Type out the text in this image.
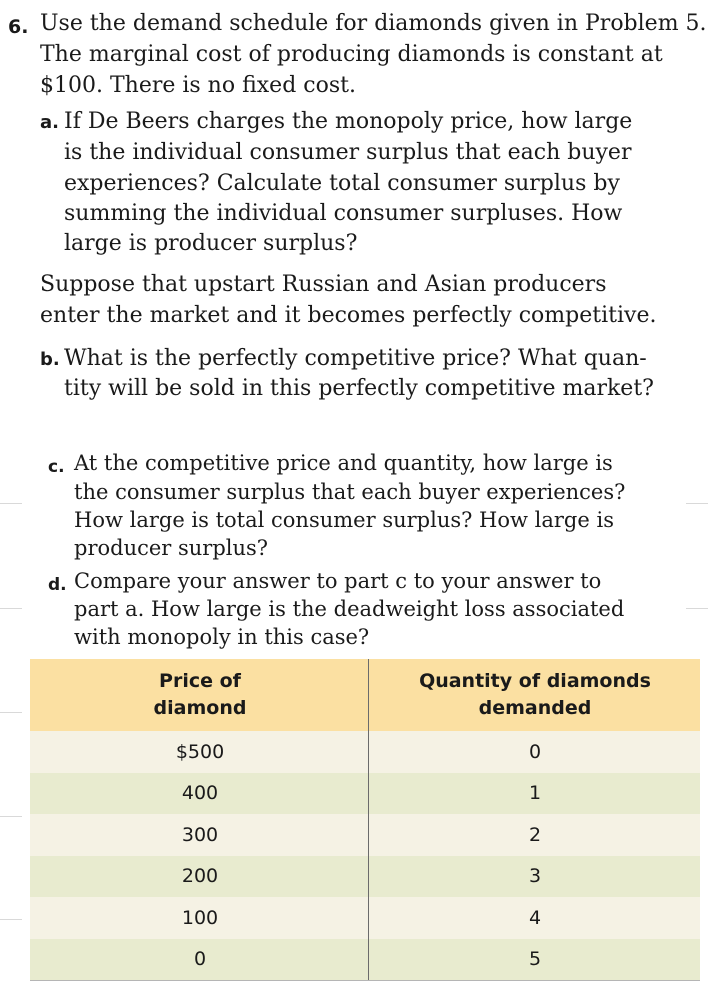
6. Use the demand schedule for diamonds given in Problem 5.
The marginal cost of producing diamonds is constant at
$100. There is no fixed cost.
a. If De Beers charges the monopoly price, how large
is the individual consumer surplus that each buyer
experiences? Calculate total consumer surplus by
summing the individual consumer surpluses. How
large is producer surplus?
Suppose that upstart Russian and Asian producers
enter the market and it becomes perfectly competitive.
b. What is the perfectly competitive price? What quan-
tity will be sold in this perfectly competitive market?
c. At the competitive price and quantity, how large is
the consumer surplus that each buyer experiences?
How large is total consumer surplus? How large is
producer surplus?
d. Compare your answer to part c to your answer to
part a. How large is the deadweight loss associated
with monopoly in this case?
Price of
diamond
Quantity of diamonds
demanded
$500	0
400	1
300	2
200	3
100	4
0	5
